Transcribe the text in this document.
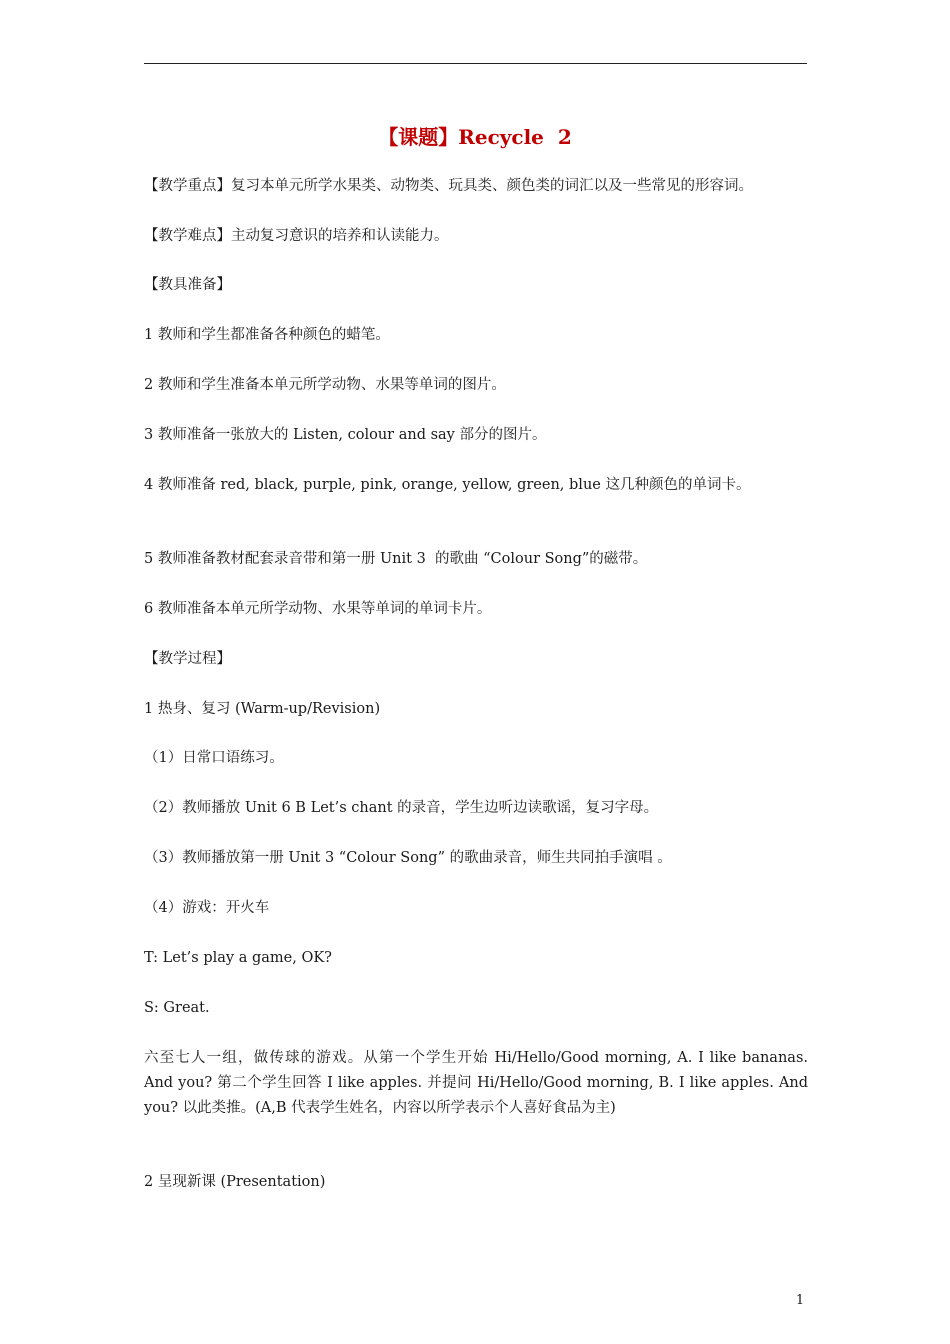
【课题】Recycle  2
【教学重点】复习本单元所学水果类、动物类、玩具类、颜色类的词汇以及一些常见的形容词。
【教学难点】主动复习意识的培养和认读能力。
【教具准备】
1 教师和学生都准备各种颜色的蜡笔。
2 教师和学生准备本单元所学动物、水果等单词的图片。
3 教师准备一张放大的 Listen, colour and say 部分的图片。
4 教师准备 red, black, purple, pink, orange, yellow, green, blue 这几种颜色的单词卡。
5 教师准备教材配套录音带和第一册 Unit 3  的歌曲 “Colour Song”的磁带。
6 教师准备本单元所学动物、水果等单词的单词卡片。
【教学过程】
1 热身、复习 (Warm-up/Revision)
（1）日常口语练习。
（2）教师播放 Unit 6 B Let’s chant 的录音，学生边听边读歌谣，复习字母。
（3）教师播放第一册 Unit 3 “Colour Song” 的歌曲录音，师生共同拍手演唱 。
（4）游戏：开火车
T: Let’s play a game, OK?
S: Great.
六至七人一组，做传球的游戏。从第一个学生开始 Hi/Hello/Good morning, A. I like bananas. And you? 第二个学生回答 I like apples. 并提问 Hi/Hello/Good morning, B. I like apples. And you? 以此类推。(A,B 代表学生姓名，内容以所学表示个人喜好食品为主)
2 呈现新课 (Presentation)
1
